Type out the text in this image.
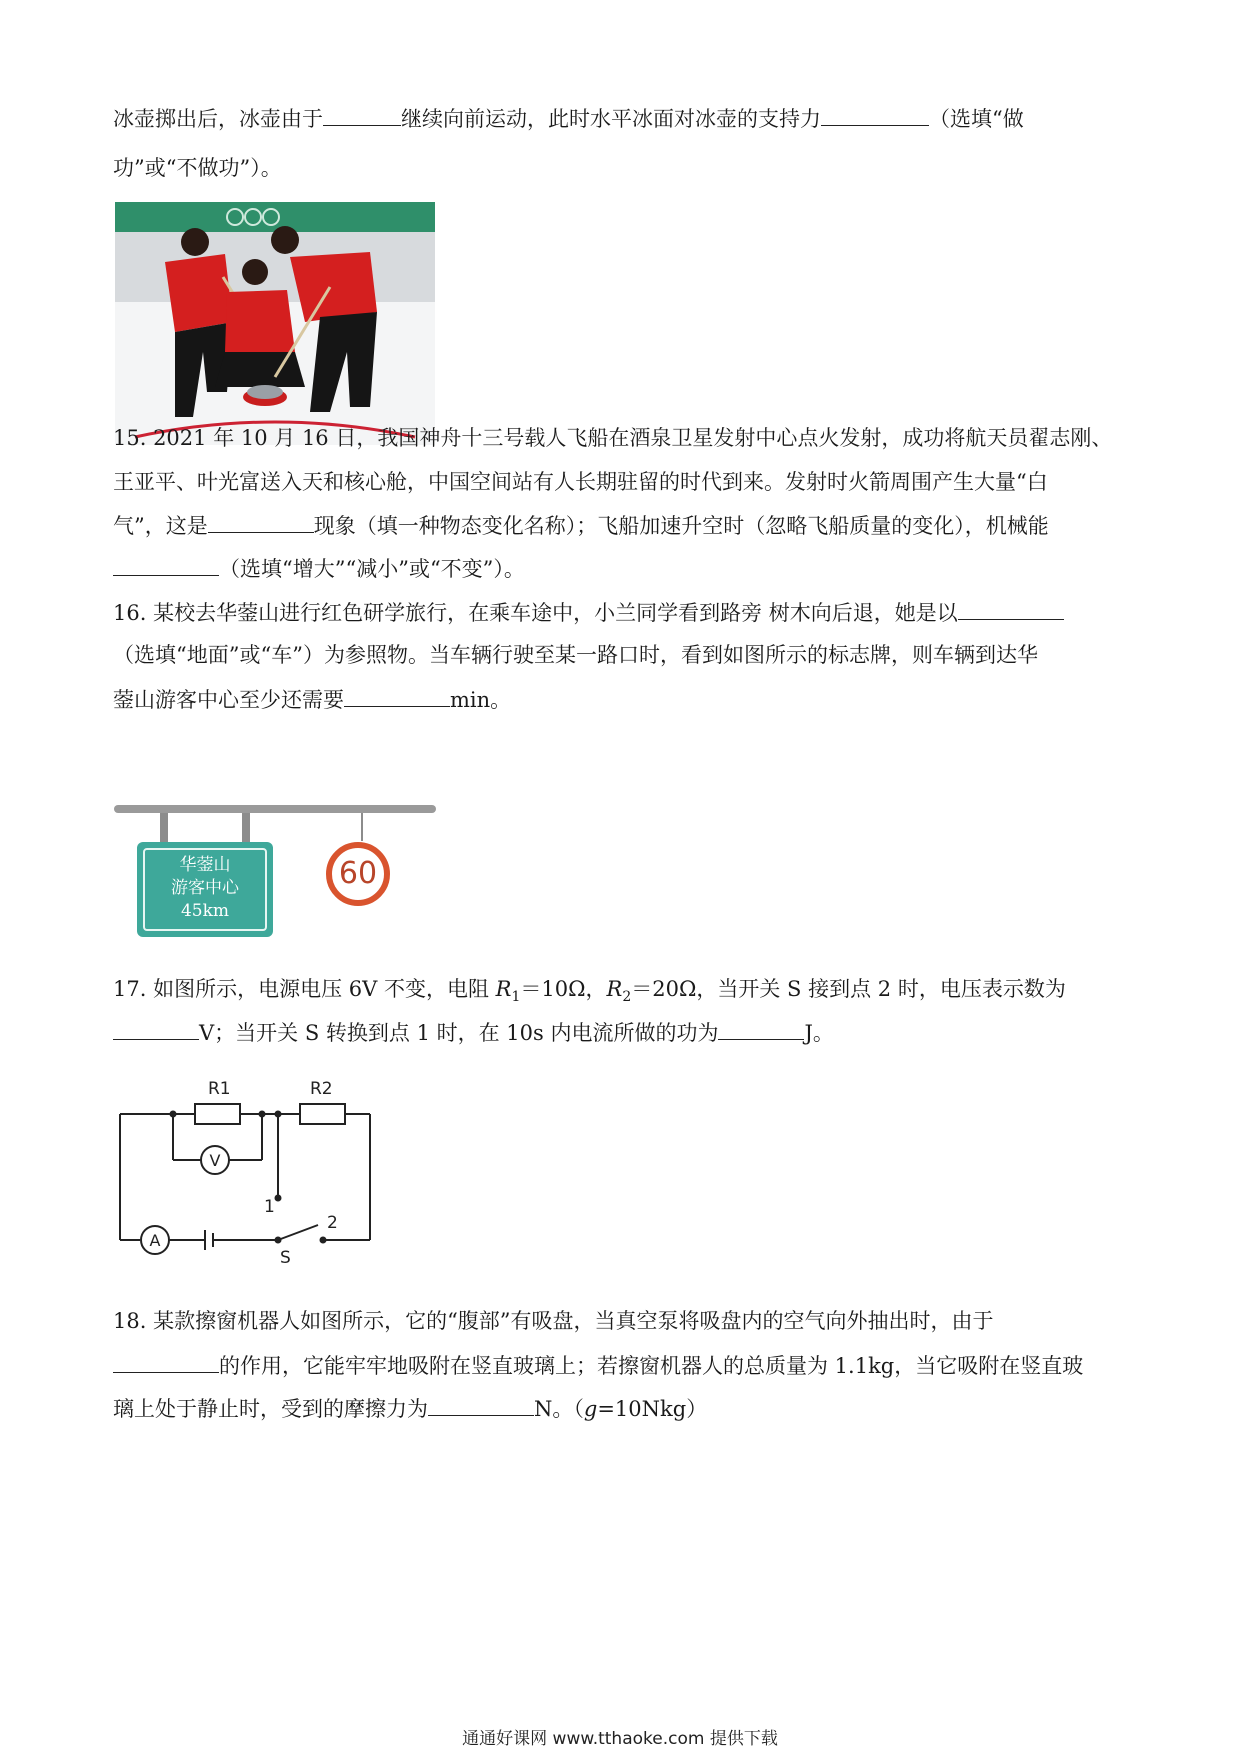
冰壶掷出后，冰壶由于	继续向前运动，此时水平冰面对冰壶的支持力	（选填“做
功”或“不做功”）。
15. 2021 年 10 月 16 日，我国神舟十三号载人飞船在酒泉卫星发射中心点火发射，成功将航天员翟志刚、
王亚平、叶光富送入天和核心舱，中国空间站有人长期驻留的时代到来。发射时火箭周围产生大量“白
气”，这是	现象（填一种物态变化名称）；飞船加速升空时（忽略飞船质量的变化），机械能
（选填“增大”“减小”或“不变”）。
16. 某校去华蓥山进行红色研学旅行，在乘车途中，小兰同学看到路旁 树木向后退，她是以
（选填“地面”或“车”）为参照物。当车辆行驶至某一路口时，看到如图所示的标志牌，则车辆到达华
蓥山游客中心至少还需要	min。
华蓥山
游客中心
45km
60
17. 如图所示，电源电压 6V 不变，电阻 $R_1=10\Omega$，$R_2=20\Omega$，当开关 S 接到点 2 时，电压表示数为
V；当开关 S 转换到点 1 时，在 10s 内电流所做的功为	J。
R1	R2
V
A
1
2
S
18. 某款擦窗机器人如图所示，它的“腹部”有吸盘，当真空泵将吸盘内的空气向外抽出时，由于
的作用，它能牢牢地吸附在竖直玻璃上；若擦窗机器人的总质量为 1.1kg，当它吸附在竖直玻
璃上处于静止时，受到的摩擦力为	N。（g=10Nkg）
通通好课网 www.tthaoke.com 提供下载
